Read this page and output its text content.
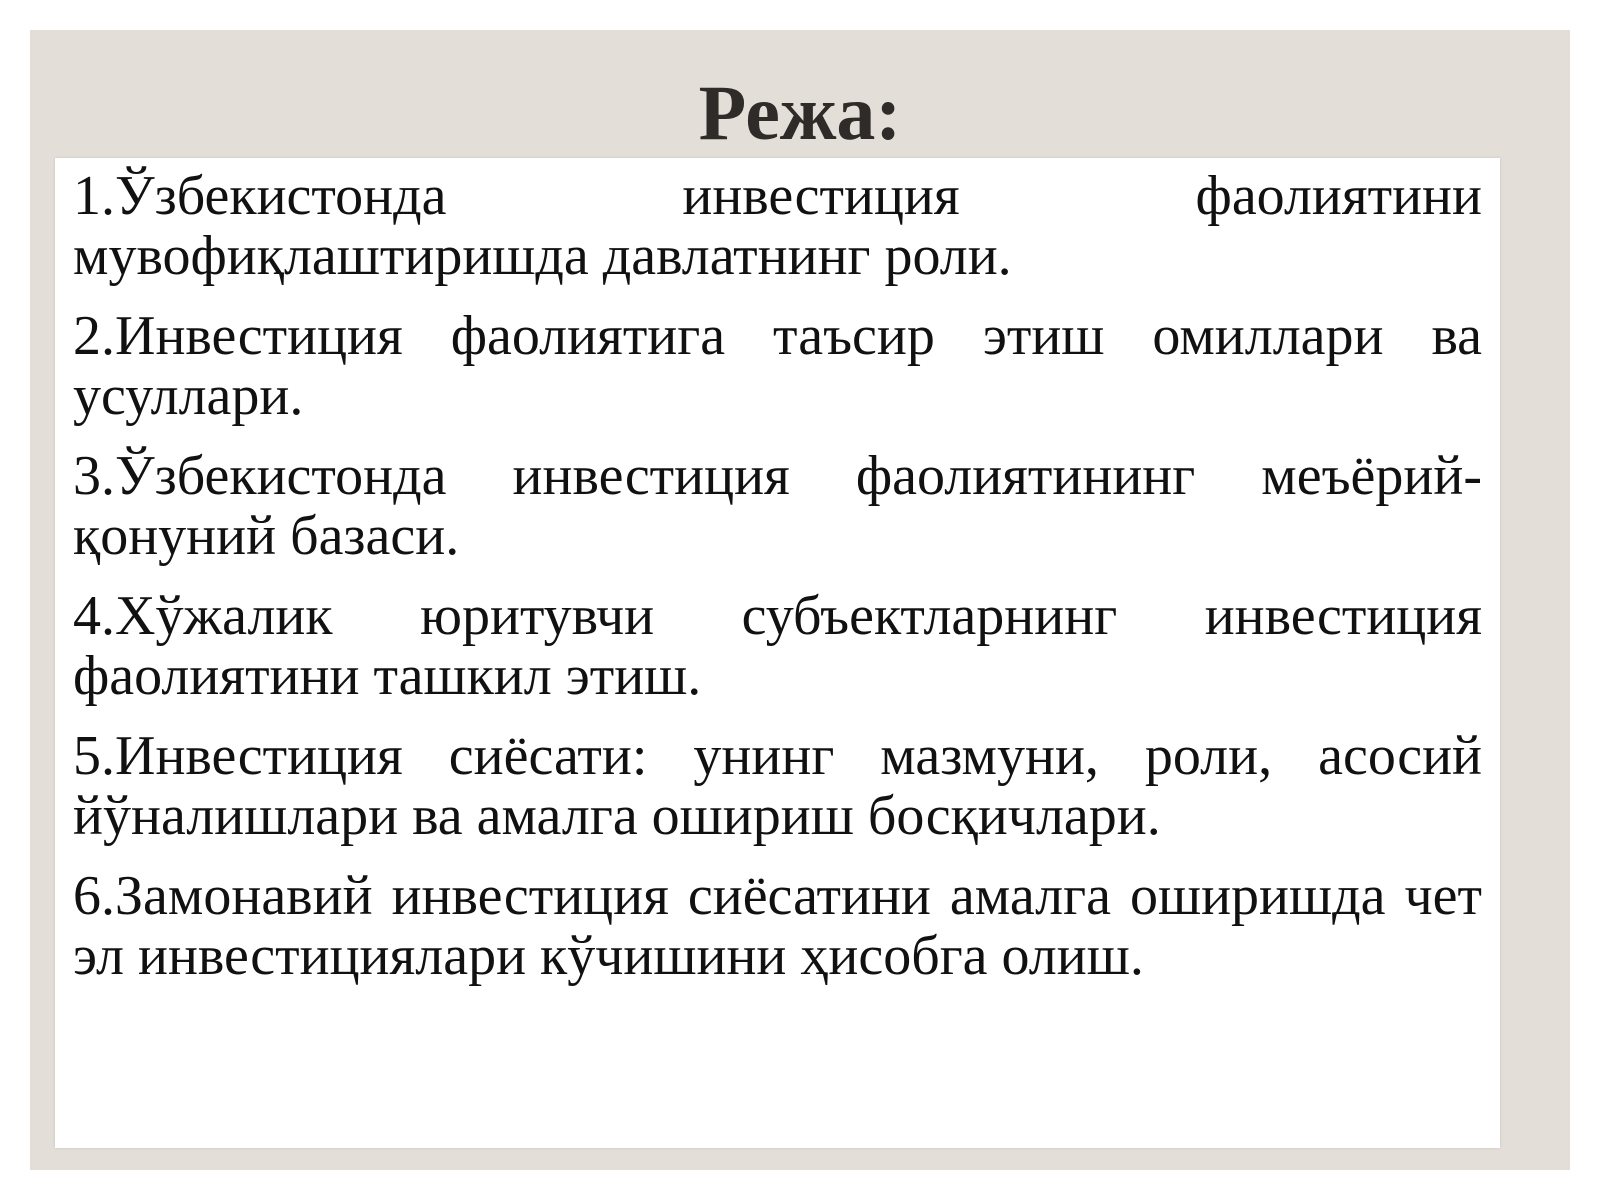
Режа:
1.Ўзбекистонда инвестиция фаолиятини мувофиқлаштиришда давлатнинг роли.
2.Инвестиция фаолиятига таъсир этиш омиллари ва усуллари.
3.Ўзбекистонда инвестиция фаолиятининг меъёрий-қонуний базаси.
4.Хўжалик юритувчи субъектларнинг инвестиция фаолиятини ташкил этиш.
5.Инвестиция сиёсати: унинг мазмуни, роли, асосий йўналишлари ва амалга ошириш босқичлари.
6.Замонавий инвестиция сиёсатини амалга оширишда чет эл инвестициялари кўчишини ҳисобга олиш.
